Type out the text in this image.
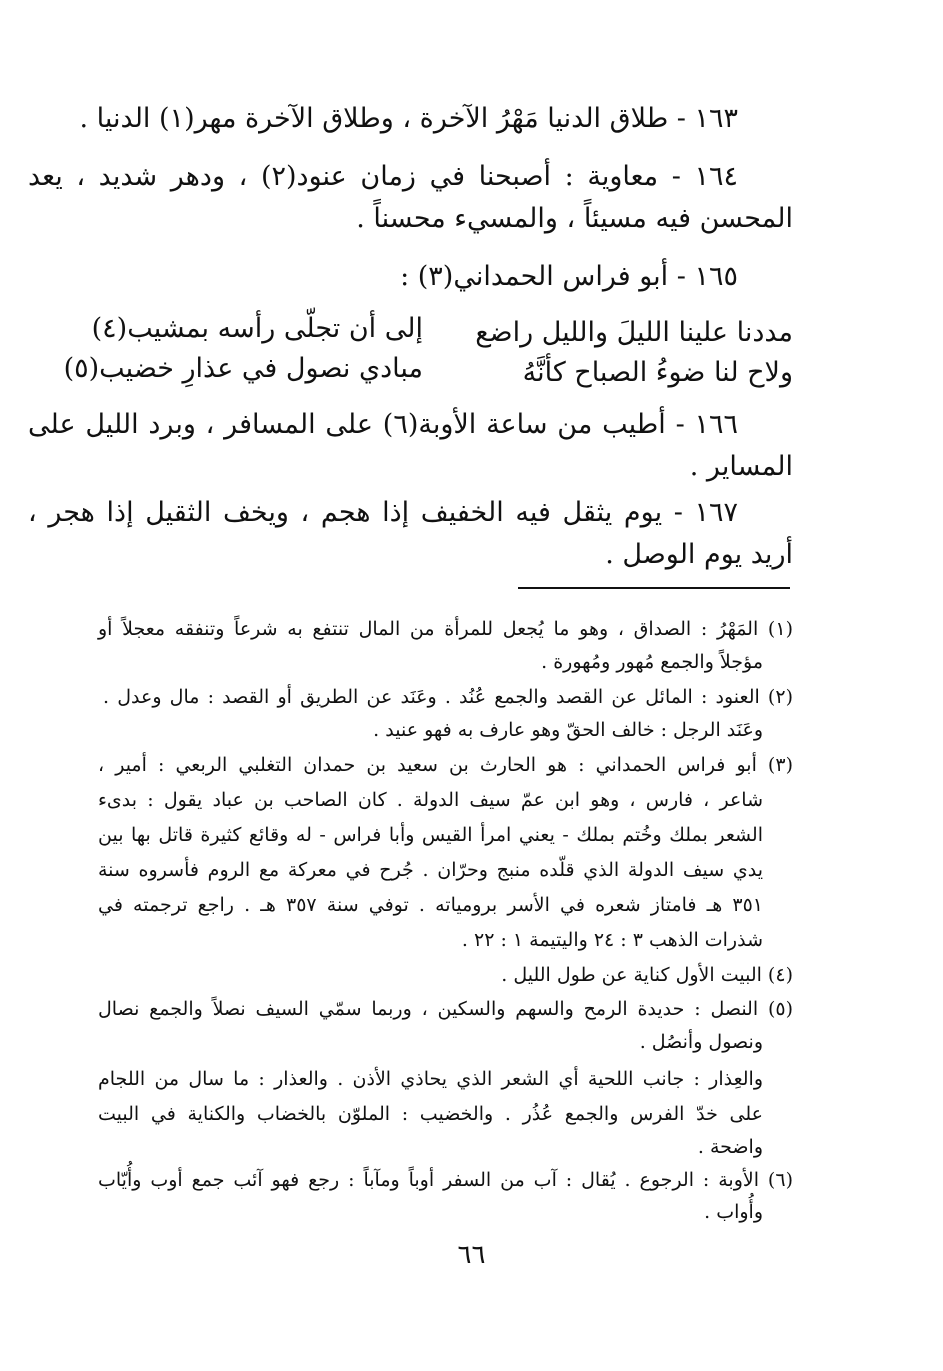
١٦٣ - طلاق الدنيا مَهْرُ الآخرة ، وطلاق الآخرة مهر(١) الدنيا .
١٦٤ - معاوية : أصبحنا في زمان عنود(٢) ، ودهر شديد ، يعد
المحسن فيه مسيئاً ، والمسيء محسناً .
١٦٥ - أبو فراس الحمداني(٣) :
مددنا علينا الليلَ والليل راضع
إلى أن تجلّى رأسه بمشيب(٤)
ولاح لنا ضوءُ الصباح كأنَّهُ
مبادي نصول في عذارِ خضيب(٥)
١٦٦ - أطيب من ساعة الأوبة(٦) على المسافر ، وبرد الليل على
المساير .
١٦٧ - يوم يثقل فيه الخفيف إذا هجم ، ويخف الثقيل إذا هجر ،
أريد يوم الوصل .
(١) المَهْرُ : الصداق ، وهو ما يُجعل للمرأة من المال تنتفع به شرعاً وتنفقه معجلاً أو
مؤجلاً والجمع مُهور ومُهورة .
(٢) العنود : المائل عن القصد والجمع عُنُد . وعَنَد عن الطريق أو القصد : مال وعدل .
وعَنَد الرجل : خالف الحقّ وهو عارف به فهو عنيد .
(٣) أبو فراس الحمداني : هو الحارث بن سعيد بن حمدان التغلبي الربعي : أمير ،
شاعر ، فارس ، وهو ابن عمّ سيف الدولة . كان الصاحب بن عباد يقول : بدىء
الشعر بملك وخُتم بملك - يعني امرأ القيس وأبا فراس - له وقائع كثيرة قاتل بها بين
يدي سيف الدولة الذي قلّده منبج وحرّان . جُرح في معركة مع الروم فأسروه سنة
٣٥١ هـ فامتاز شعره في الأسر برومياته . توفي سنة ٣٥٧ هـ . راجع ترجمته في
شذرات الذهب ٣ : ٢٤ واليتيمة ١ : ٢٢ .
(٤) البيت الأول كناية عن طول الليل .
(٥) النصل : حديدة الرمح والسهم والسكين ، وربما سمّي السيف نصلاً والجمع نصال
ونصول وأنصُل .
والعِذار : جانب اللحية أي الشعر الذي يحاذي الأذن . والعذار : ما سال من اللجام
على خدّ الفرس والجمع عُذُر . والخضيب : الملوّن بالخضاب والكناية في البيت
واضحة .
(٦) الأوبة : الرجوع . يُقال : آب من السفر أوباً ومآباً : رجع فهو آئب جمع أوب وأُيّاب
وأُواب .
٦٦
